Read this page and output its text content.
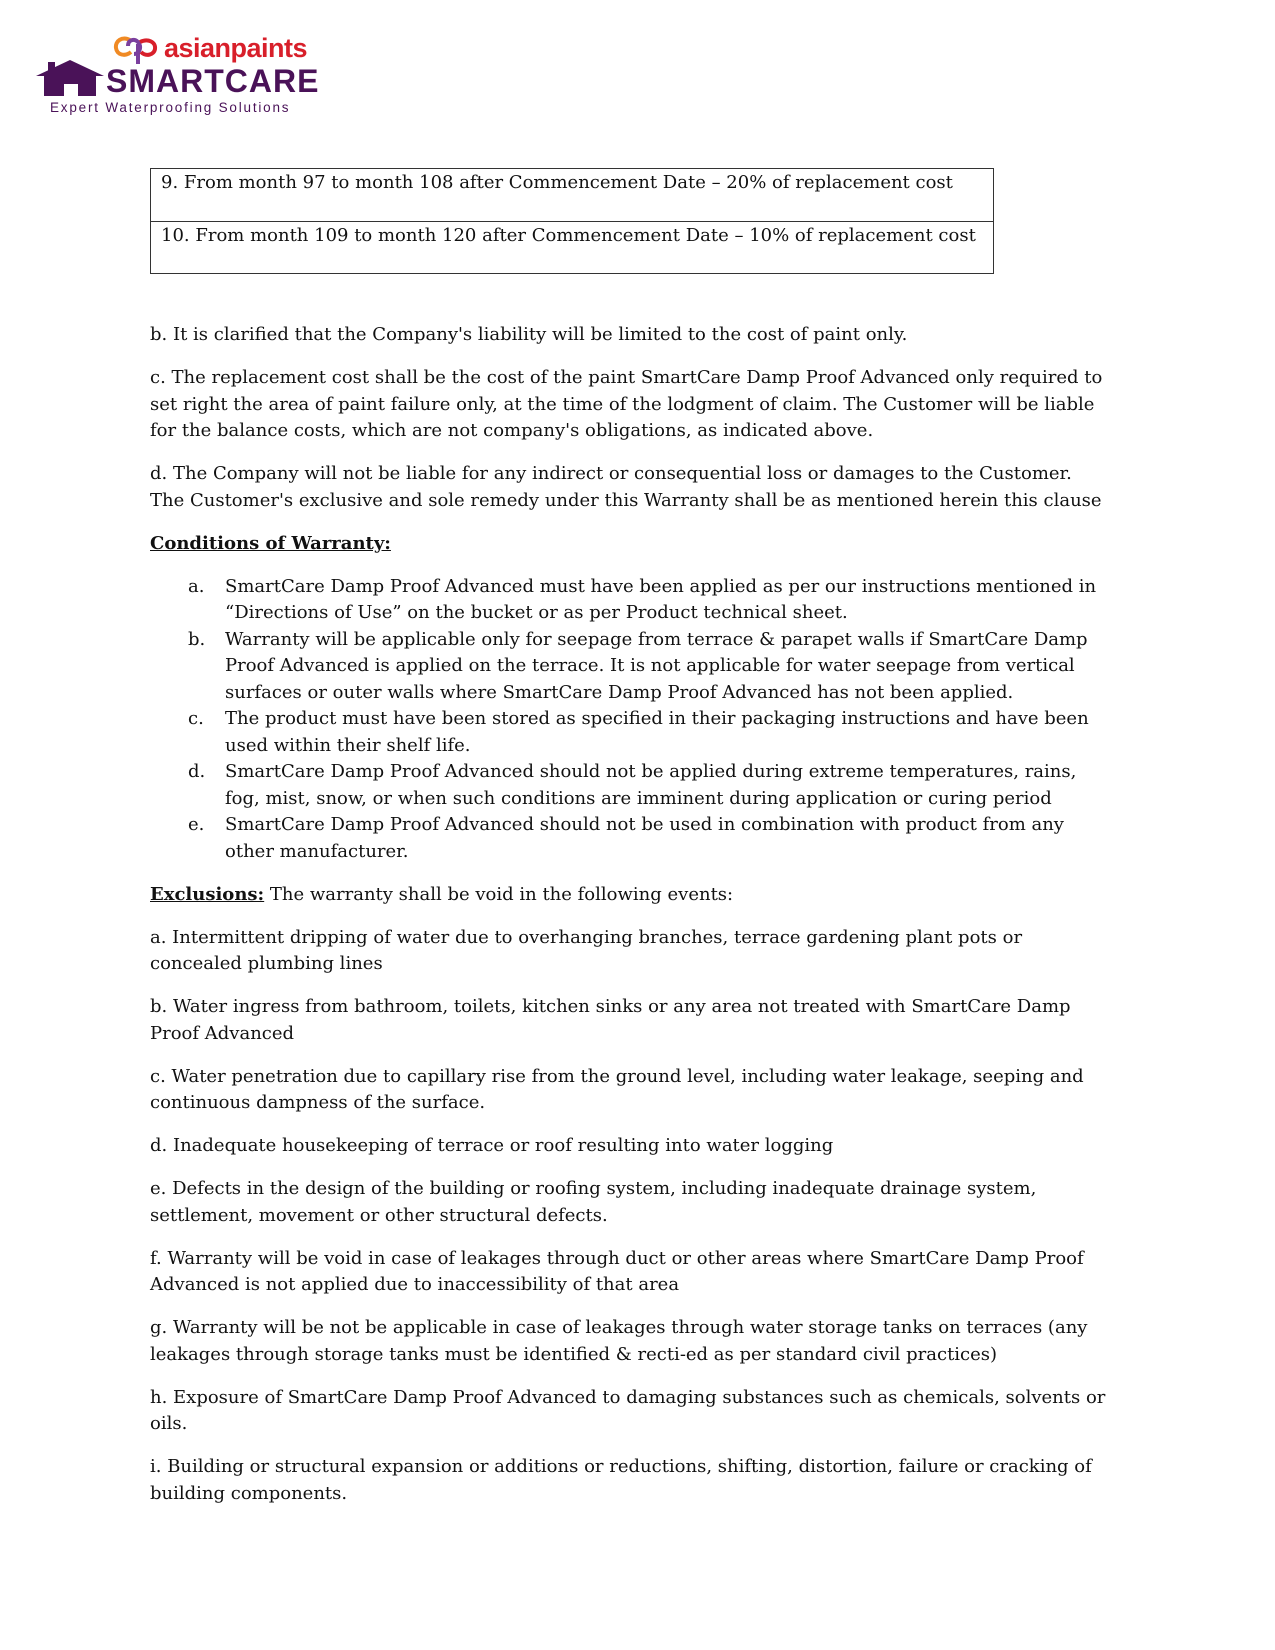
asianpaints
SMARTCARE
Expert Waterproofing Solutions
9. From month 97 to month 108 after Commencement Date – 20% of replacement cost
10. From month 109 to month 120 after Commencement Date – 10% of replacement cost

b. It is clarified that the Company's liability will be limited to the cost of paint only.

c. The replacement cost shall be the cost of the paint SmartCare Damp Proof Advanced only required to set right the area of paint failure only, at the time of the lodgment of claim. The Customer will be liable for the balance costs, which are not company's obligations, as indicated above.

d. The Company will not be liable for any indirect or consequential loss or damages to the Customer. The Customer's exclusive and sole remedy under this Warranty shall be as mentioned herein this clause

Conditions of Warranty:

a. SmartCare Damp Proof Advanced must have been applied as per our instructions mentioned in “Directions of Use” on the bucket or as per Product technical sheet.
b. Warranty will be applicable only for seepage from terrace & parapet walls if SmartCare Damp Proof Advanced is applied on the terrace. It is not applicable for water seepage from vertical surfaces or outer walls where SmartCare Damp Proof Advanced has not been applied.
c. The product must have been stored as specified in their packaging instructions and have been used within their shelf life.
d. SmartCare Damp Proof Advanced should not be applied during extreme temperatures, rains, fog, mist, snow, or when such conditions are imminent during application or curing period
e. SmartCare Damp Proof Advanced should not be used in combination with product from any other manufacturer.

Exclusions: The warranty shall be void in the following events:

a. Intermittent dripping of water due to overhanging branches, terrace gardening plant pots or concealed plumbing lines

b. Water ingress from bathroom, toilets, kitchen sinks or any area not treated with SmartCare Damp Proof Advanced

c. Water penetration due to capillary rise from the ground level, including water leakage, seeping and continuous dampness of the surface.

d. Inadequate housekeeping of terrace or roof resulting into water logging

e. Defects in the design of the building or roofing system, including inadequate drainage system, settlement, movement or other structural defects.

f. Warranty will be void in case of leakages through duct or other areas where SmartCare Damp Proof Advanced is not applied due to inaccessibility of that area

g. Warranty will be not be applicable in case of leakages through water storage tanks on terraces (any leakages through storage tanks must be identified & recti-ed as per standard civil practices)

h. Exposure of SmartCare Damp Proof Advanced to damaging substances such as chemicals, solvents or oils.

i. Building or structural expansion or additions or reductions, shifting, distortion, failure or cracking of building components.
